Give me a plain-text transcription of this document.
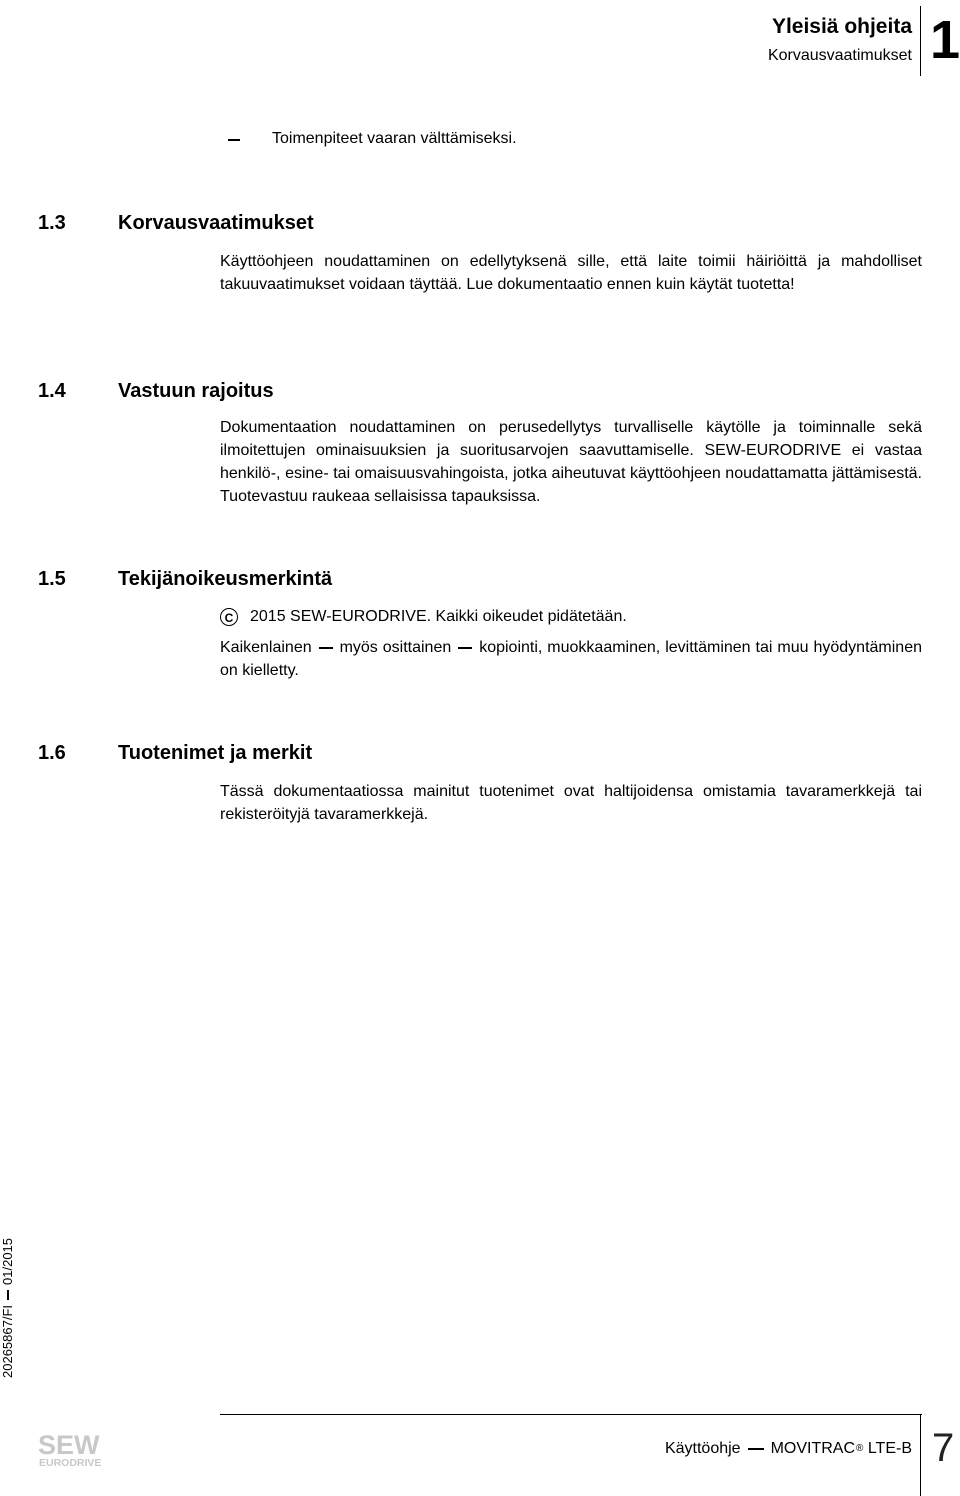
Yleisiä ohjeita
Korvausvaatimukset 1
Toimenpiteet vaaran välttämiseksi.
1.3	Korvausvaatimukset

Käyttöohjeen noudattaminen on edellytyksenä sille, että laite toimii häiriöittä ja mahdolliset takuuvaatimukset voidaan täyttää. Lue dokumentaatio ennen kuin käytät tuotetta!

1.4	Vastuun rajoitus

Dokumentaation noudattaminen on perusedellytys turvalliselle käytölle ja toiminnalle sekä ilmoitettujen ominaisuuksien ja suoritusarvojen saavuttamiselle. SEW-EURODRIVE ei vastaa henkilö-, esine- tai omaisuusvahingoista, jotka aiheutuvat käyttöohjeen noudattamatta jättämisestä. Tuotevastuu raukeaa sellaisissa tapauksissa.

1.5	Tekijänoikeusmerkintä
C 2015 SEW-EURODRIVE. Kaikki oikeudet pidätetään.

Kaikenlainen myös osittainen kopiointi, muokkaaminen, levittäminen tai muu hyödyntäminen on kielletty.

1.6	Tuotenimet ja merkit

Tässä dokumentaatiossa mainitut tuotenimet ovat haltijoidensa omistamia tavaramerkkejä tai rekisteröityjä tavaramerkkejä.

20265867/FI
01/2015
SEW
EURODRIVE
Käyttöohje MOVITRAC ®
LTE-B 7
